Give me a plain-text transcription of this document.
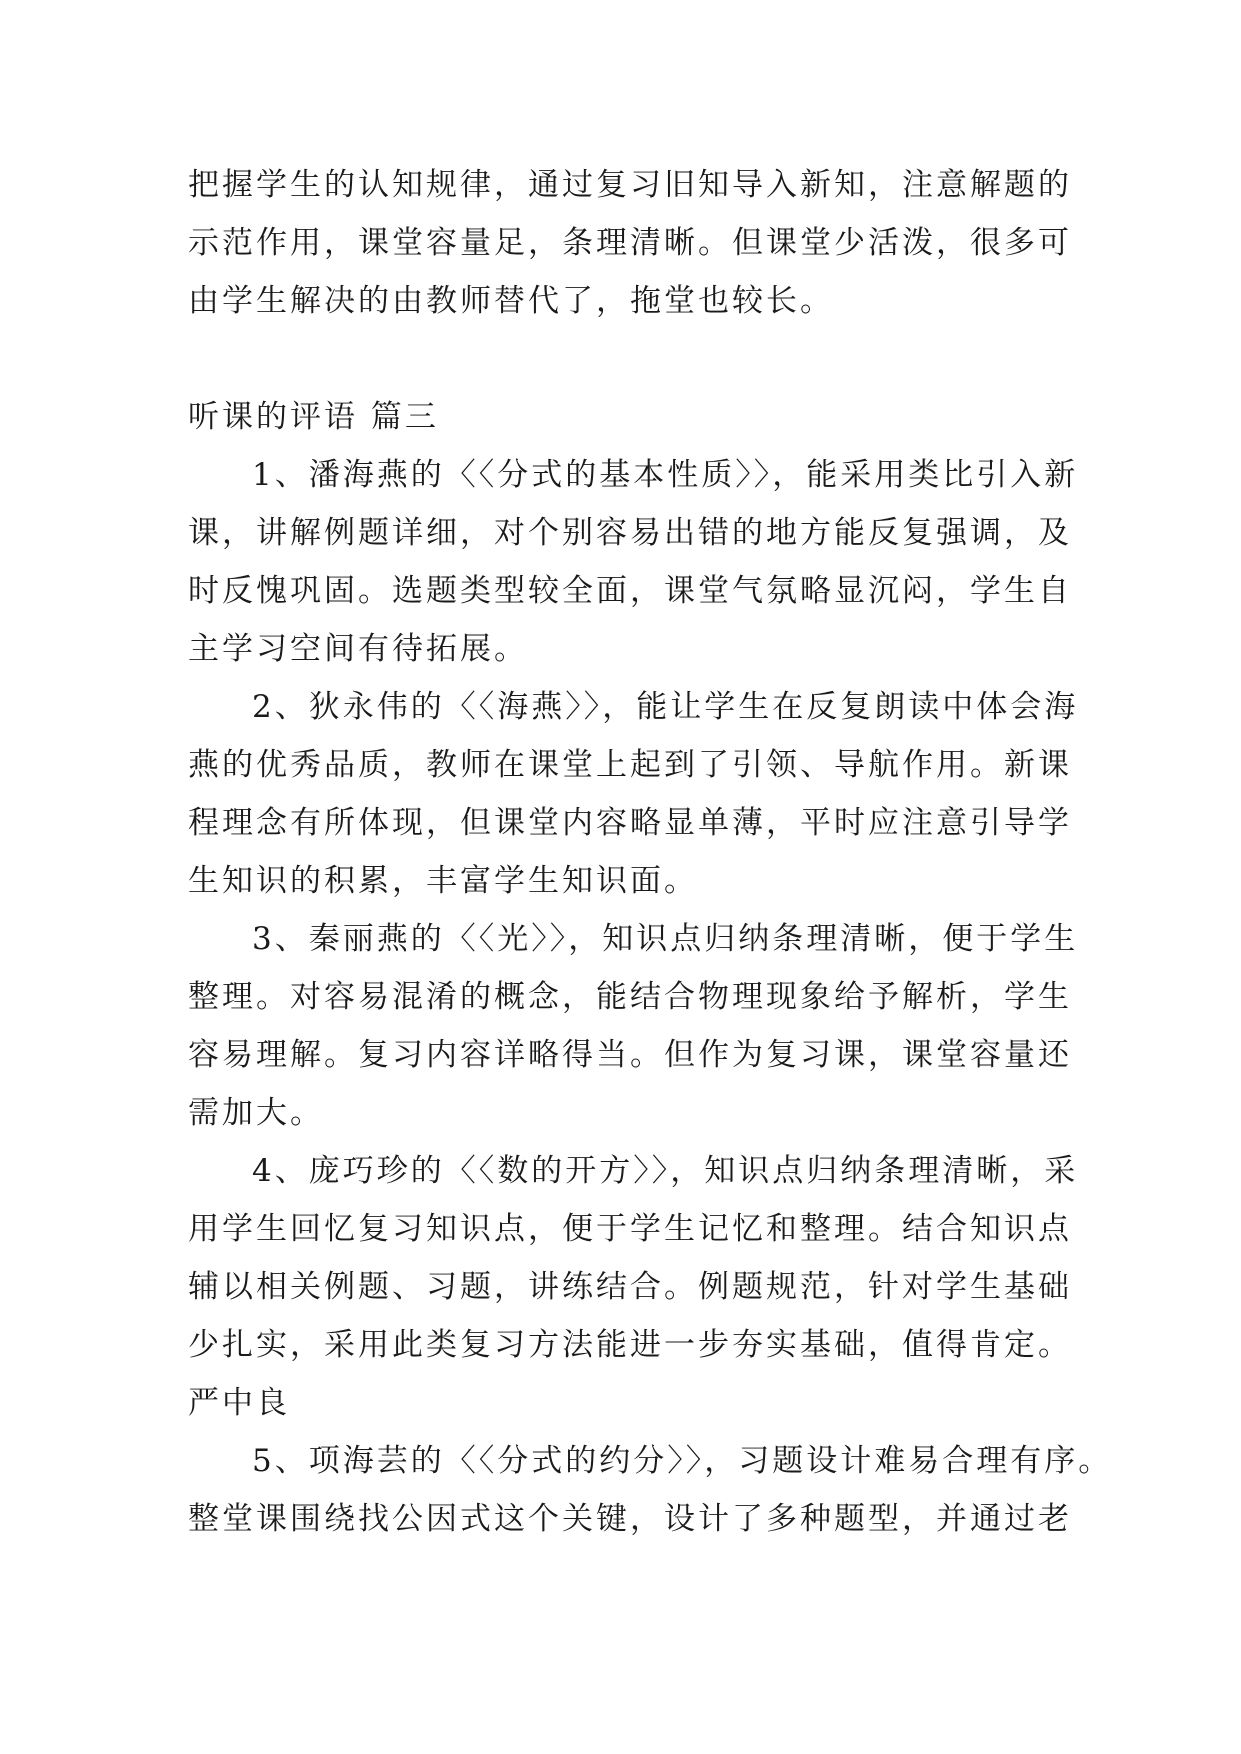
把握学生的认知规律，通过复习旧知导入新知，注意解题的
示范作用，课堂容量足，条理清晰。但课堂少活泼，很多可
由学生解决的由教师替代了，拖堂也较长。
听课的评语 篇三
1、潘海燕的〈〈分式的基本性质〉〉，能采用类比引入新
课，讲解例题详细，对个别容易出错的地方能反复强调，及
时反愧巩固。选题类型较全面，课堂气氛略显沉闷，学生自
主学习空间有待拓展。
2、狄永伟的〈〈海燕〉〉，能让学生在反复朗读中体会海
燕的优秀品质，教师在课堂上起到了引领、导航作用。新课
程理念有所体现，但课堂内容略显单薄，平时应注意引导学
生知识的积累，丰富学生知识面。
3、秦丽燕的〈〈光〉〉，知识点归纳条理清晰，便于学生
整理。对容易混淆的概念，能结合物理现象给予解析，学生
容易理解。复习内容详略得当。但作为复习课，课堂容量还
需加大。
4、庞巧珍的〈〈数的开方〉〉，知识点归纳条理清晰，采
用学生回忆复习知识点，便于学生记忆和整理。结合知识点
辅以相关例题、习题，讲练结合。例题规范，针对学生基础
少扎实，采用此类复习方法能进一步夯实基础，值得肯定。
严中良
5、项海芸的〈〈分式的约分〉〉，习题设计难易合理有序。
整堂课围绕找公因式这个关键，设计了多种题型，并通过老
